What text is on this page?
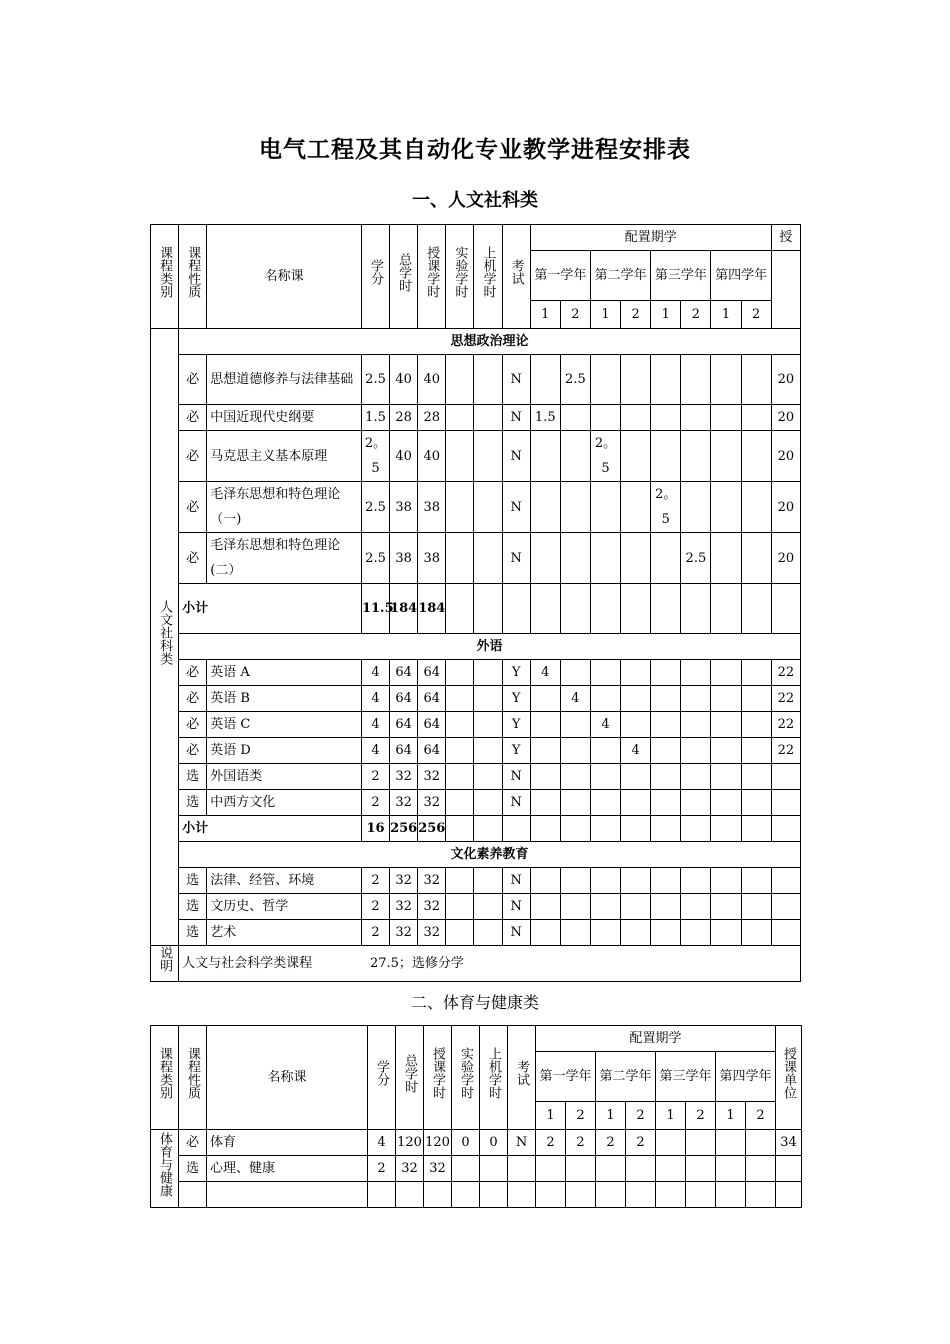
电气工程及其自动化专业教学进程安排表
一、人文社科类
课程类别	课程性质	名称课	学分	总学时	授课学时	实验学时	上机学时	考试	配置期学								授
									第一学年		第二学年		第三学年		第四学年		
									1	2	1	2	1	2	1	2	
人文社科类	思想政治理论																
	必	思想道德修养与法律基础	2.5	40	40			N		2.5							20
	必	中国近现代史纲要	1.5	28	28			N	1.5								20
	必	马克思主义基本原理	2。5	40	40			N			2。5						20
	必	毛泽东思想和特色理论（一)	2.5	38	38			N					2。5				20
	必	毛泽东思想和特色理论(二）	2.5	38	38			N						2.5			20
	小计		11.5	184	184												
	外语																
	必	英语 A	4	64	64			Y	4								22
	必	英语 B	4	64	64			Y		4							22
	必	英语 C	4	64	64			Y			4						22
	必	英语 D	4	64	64			Y				4					22
	选	外国语类	2	32	32			N									
	选	中西方文化	2	32	32			N									
	小计		16	256	256												
	文化素养教育																
	选	法律、经管、环境	2	32	32			N									
	选	文历史、哲学	2	32	32			N									
	选	艺术	2	32	32			N									
说明	人文与社会科学类课程              27.5；选修分学																
二、体育与健康类
课程类别	课程性质	名称课	学分	总学时	授课学时	实验学时	上机学时	考试	配置期学								授课单位
									第一学年		第二学年		第三学年		第四学年		
									1	2	1	2	1	2	1	2	
体育与健康	必	体育	4	120	120	0	0	N	2	2	2	2					34
	选	心理、健康	2	32	32												
